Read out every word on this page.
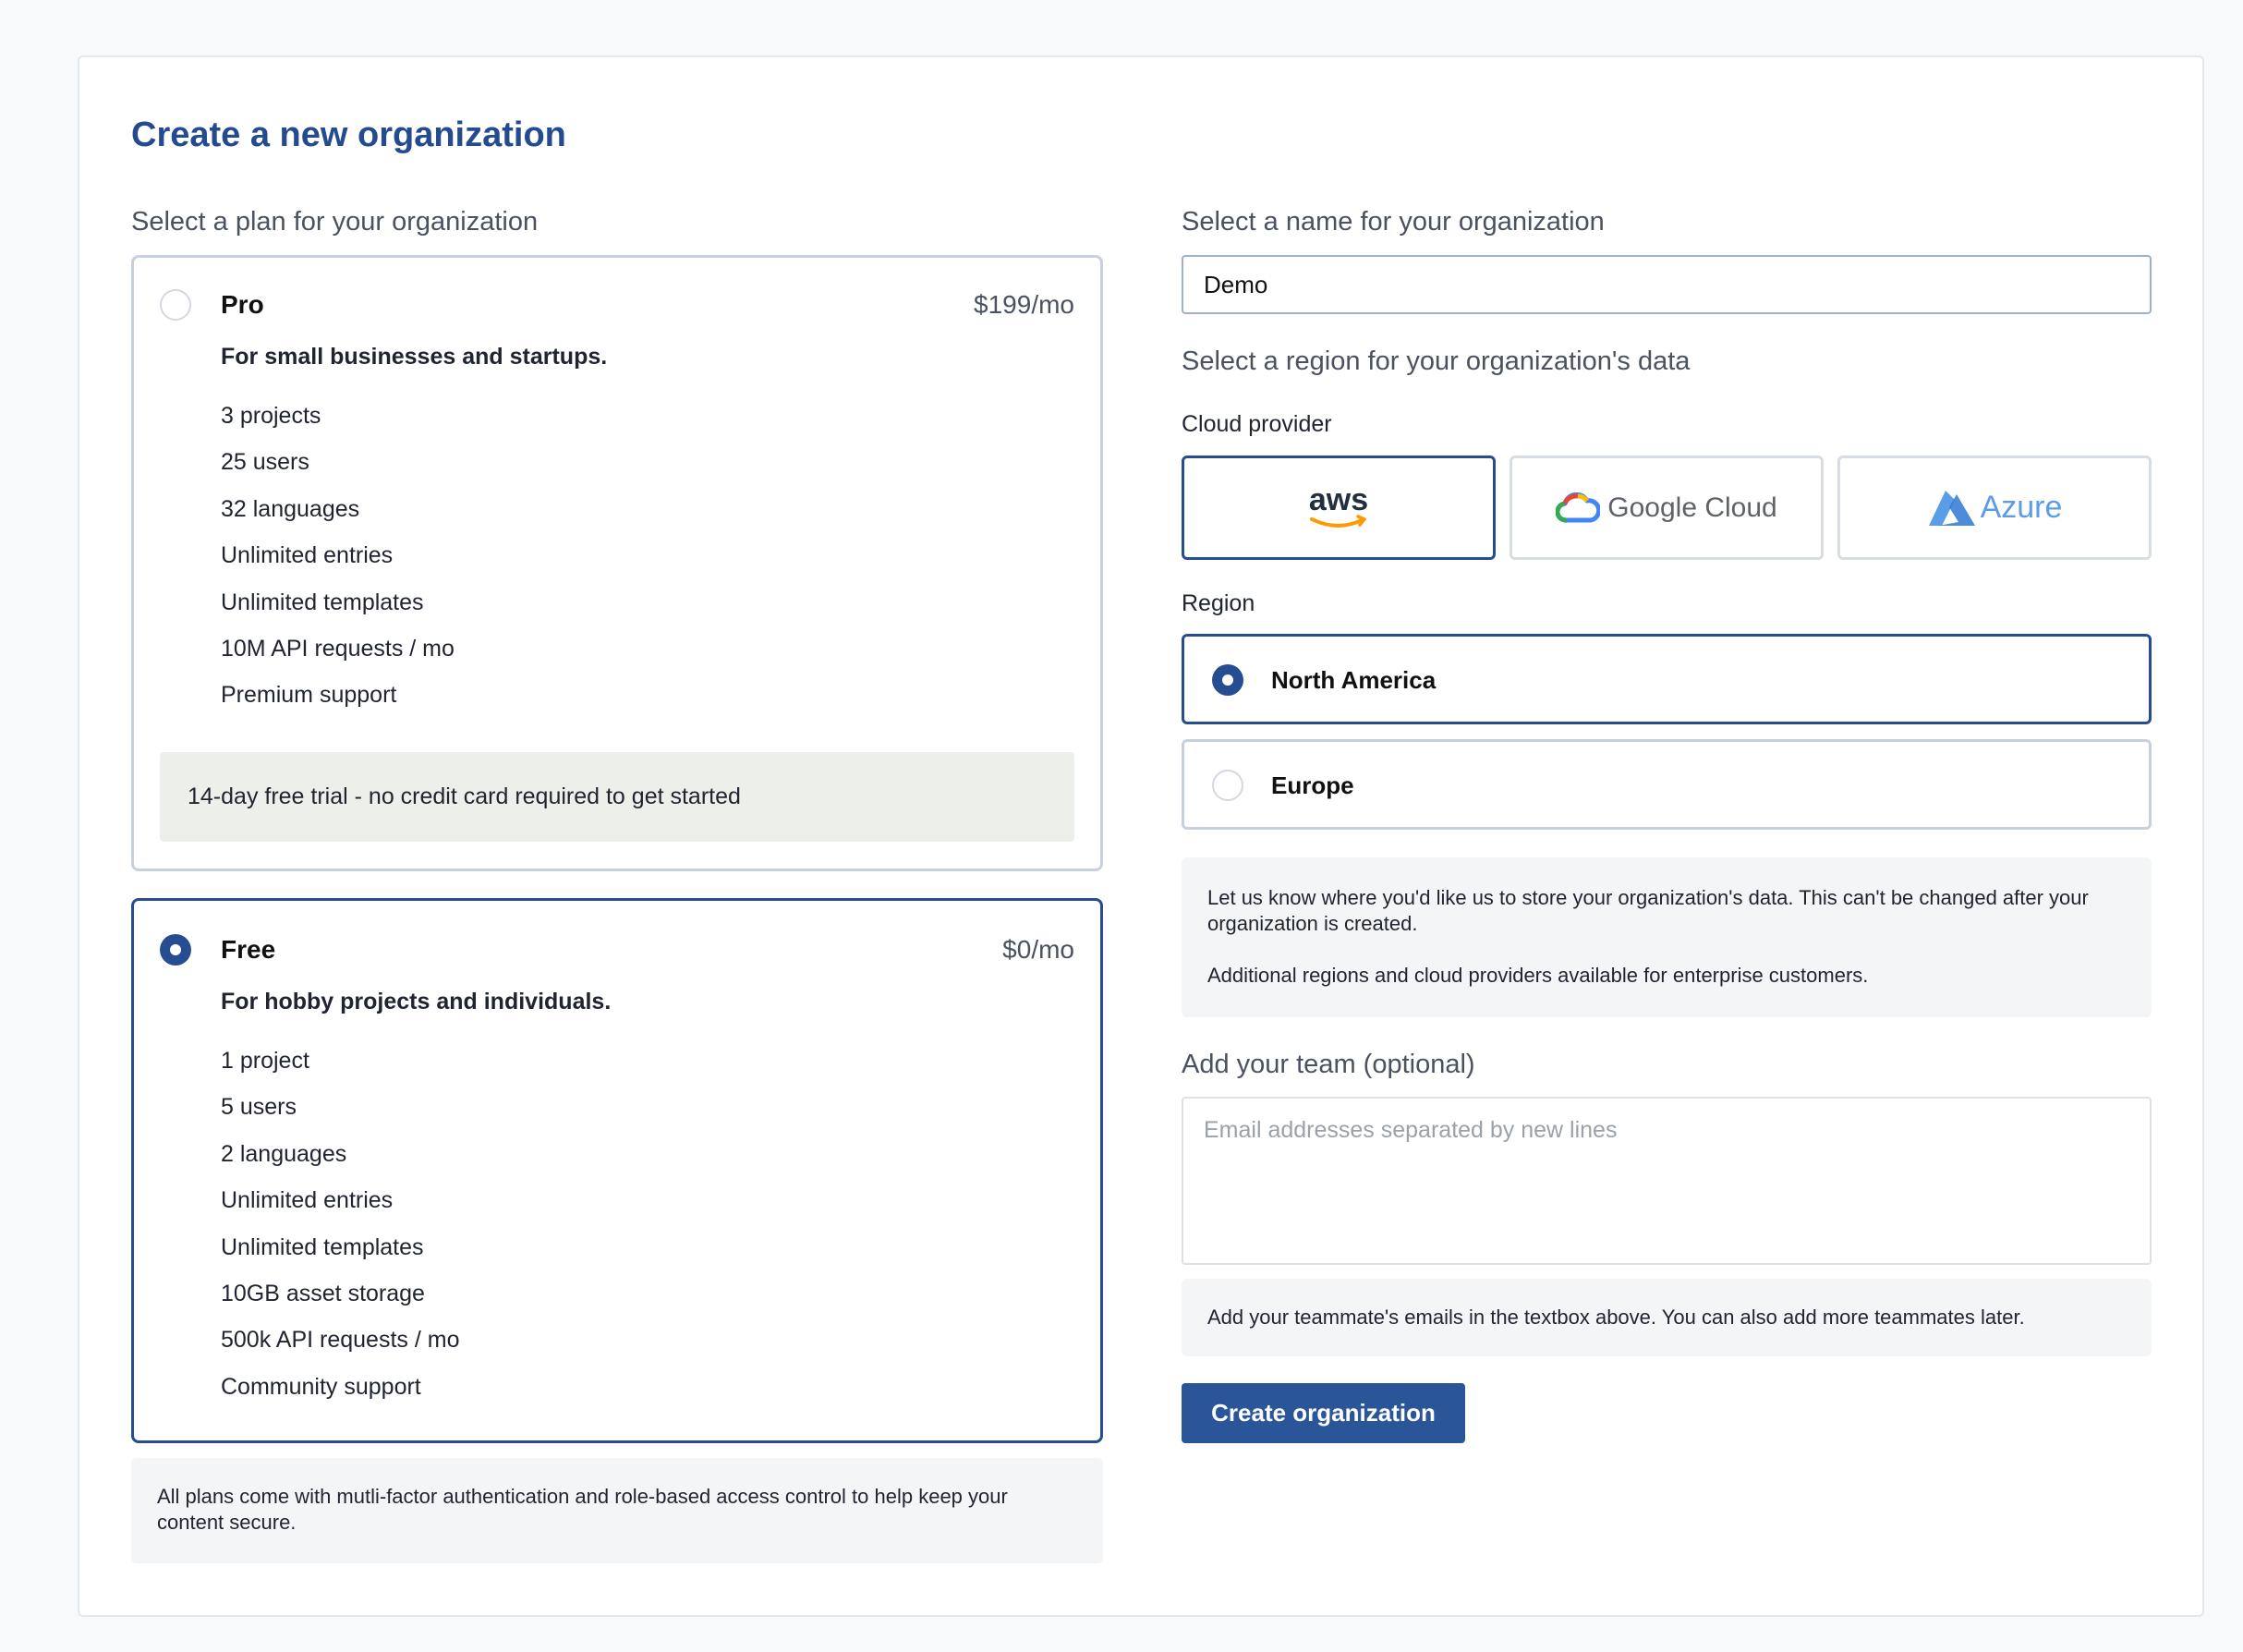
Create a new organization
Select a plan for your organization
Pro	$199/mo
For small businesses and startups.
3 projects
25 users
32 languages
Unlimited entries
Unlimited templates
10M API requests / mo
Premium support
14-day free trial - no credit card required to get started
Free	$0/mo
For hobby projects and individuals.
1 project
5 users
2 languages
Unlimited entries
Unlimited templates
10GB asset storage
500k API requests / mo
Community support
All plans come with mutli-factor authentication and role-based access control to help keep your content secure.
Select a name for your organization
Demo
Select a region for your organization's data
Cloud provider
aws	Google Cloud	Azure
Region
North America
Europe
Let us know where you'd like us to store your organization's data. This can't be changed after your organization is created.
Additional regions and cloud providers available for enterprise customers.
Add your team (optional)
Email addresses separated by new lines
Add your teammate's emails in the textbox above. You can also add more teammates later.
Create organization
